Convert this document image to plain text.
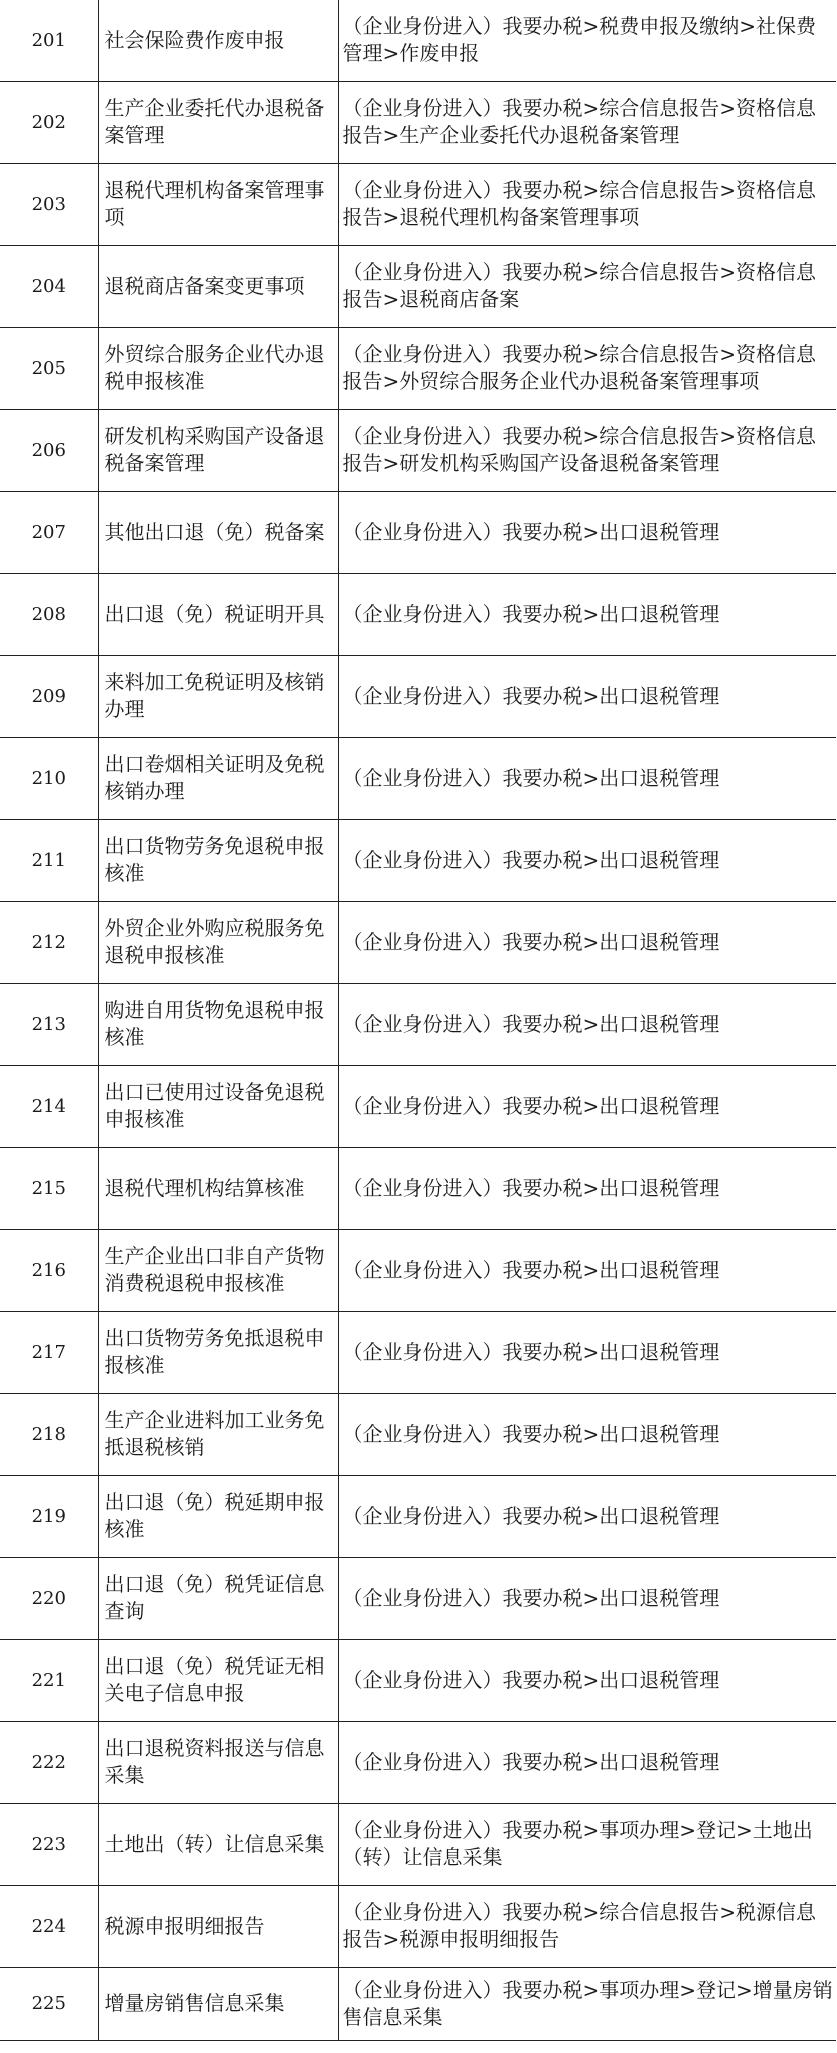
201	社会保险费作废申报	（企业身份进入）我要办税>税费申报及缴纳>社保费管理>作废申报
202	生产企业委托代办退税备案管理	（企业身份进入）我要办税>综合信息报告>资格信息报告>生产企业委托代办退税备案管理
203	退税代理机构备案管理事项	（企业身份进入）我要办税>综合信息报告>资格信息报告>退税代理机构备案管理事项
204	退税商店备案变更事项	（企业身份进入）我要办税>综合信息报告>资格信息报告>退税商店备案
205	外贸综合服务企业代办退税申报核准	（企业身份进入）我要办税>综合信息报告>资格信息报告>外贸综合服务企业代办退税备案管理事项
206	研发机构采购国产设备退税备案管理	（企业身份进入）我要办税>综合信息报告>资格信息报告>研发机构采购国产设备退税备案管理
207	其他出口退（免）税备案	（企业身份进入）我要办税>出口退税管理
208	出口退（免）税证明开具	（企业身份进入）我要办税>出口退税管理
209	来料加工免税证明及核销办理	（企业身份进入）我要办税>出口退税管理
210	出口卷烟相关证明及免税核销办理	（企业身份进入）我要办税>出口退税管理
211	出口货物劳务免退税申报核准	（企业身份进入）我要办税>出口退税管理
212	外贸企业外购应税服务免退税申报核准	（企业身份进入）我要办税>出口退税管理
213	购进自用货物免退税申报核准	（企业身份进入）我要办税>出口退税管理
214	出口已使用过设备免退税申报核准	（企业身份进入）我要办税>出口退税管理
215	退税代理机构结算核准	（企业身份进入）我要办税>出口退税管理
216	生产企业出口非自产货物消费税退税申报核准	（企业身份进入）我要办税>出口退税管理
217	出口货物劳务免抵退税申报核准	（企业身份进入）我要办税>出口退税管理
218	生产企业进料加工业务免抵退税核销	（企业身份进入）我要办税>出口退税管理
219	出口退（免）税延期申报核准	（企业身份进入）我要办税>出口退税管理
220	出口退（免）税凭证信息查询	（企业身份进入）我要办税>出口退税管理
221	出口退（免）税凭证无相关电子信息申报	（企业身份进入）我要办税>出口退税管理
222	出口退税资料报送与信息采集	（企业身份进入）我要办税>出口退税管理
223	土地出（转）让信息采集	（企业身份进入）我要办税>事项办理>登记>土地出（转）让信息采集
224	税源申报明细报告	（企业身份进入）我要办税>综合信息报告>税源信息报告>税源申报明细报告
225	增量房销售信息采集	（企业身份进入）我要办税>事项办理>登记>增量房销售信息采集
